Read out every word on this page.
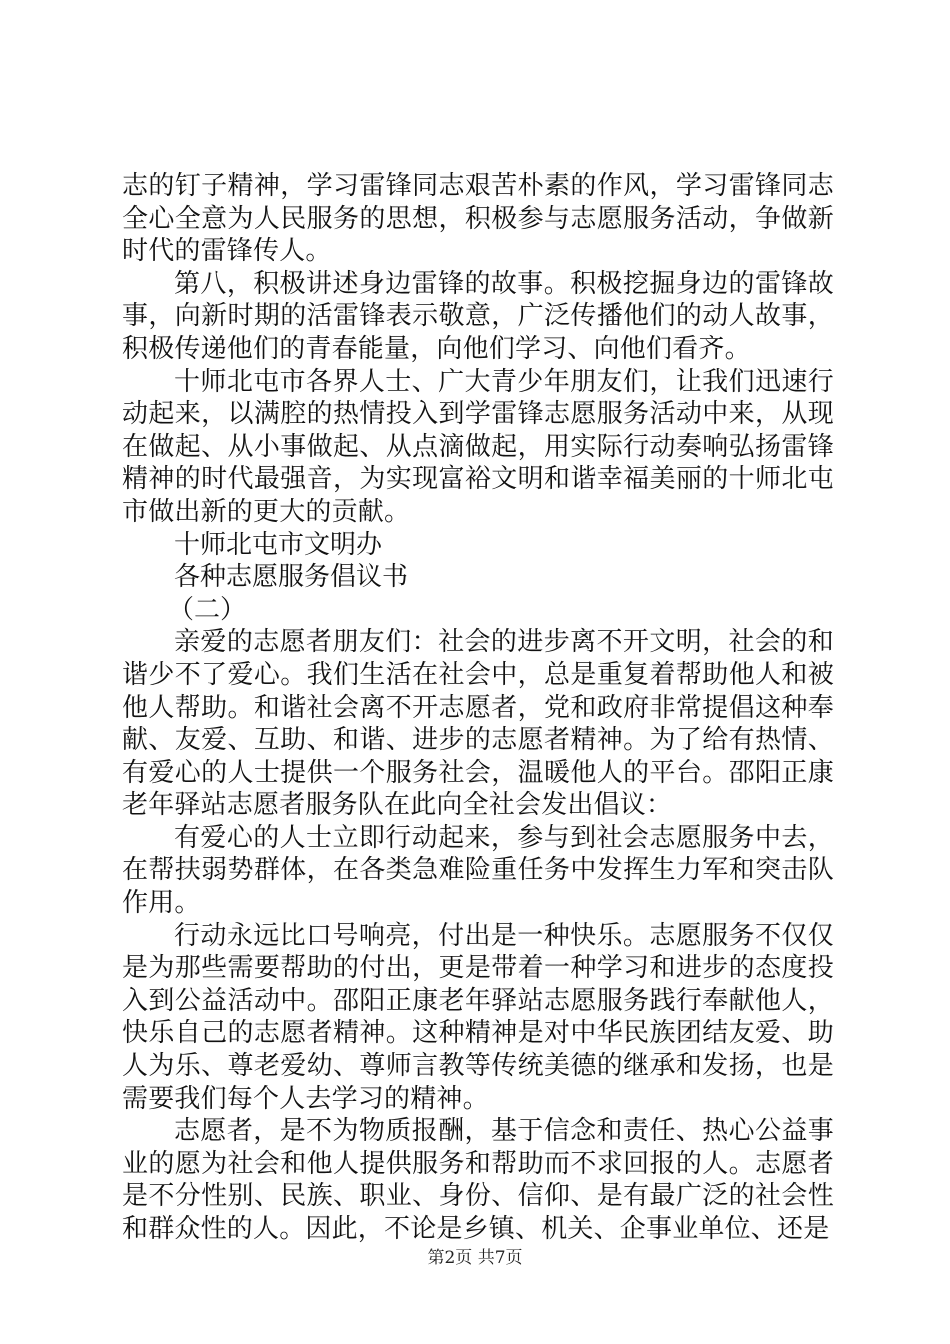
志的钉子精神，学习雷锋同志艰苦朴素的作风，学习雷锋同志全心全意为人民服务的思想，积极参与志愿服务活动，争做新时代的雷锋传人。

第八，积极讲述身边雷锋的故事。积极挖掘身边的雷锋故事，向新时期的活雷锋表示敬意，广泛传播他们的动人故事，积极传递他们的青春能量，向他们学习、向他们看齐。

十师北屯市各界人士、广大青少年朋友们，让我们迅速行动起来，以满腔的热情投入到学雷锋志愿服务活动中来，从现在做起、从小事做起、从点滴做起，用实际行动奏响弘扬雷锋精神的时代最强音，为实现富裕文明和谐幸福美丽的十师北屯市做出新的更大的贡献。

十师北屯市文明办

各种志愿服务倡议书

（二）

亲爱的志愿者朋友们：社会的进步离不开文明，社会的和谐少不了爱心。我们生活在社会中，总是重复着帮助他人和被他人帮助。和谐社会离不开志愿者，党和政府非常提倡这种奉献、友爱、互助、和谐、进步的志愿者精神。为了给有热情、有爱心的人士提供一个服务社会，温暖他人的平台。邵阳正康老年驿站志愿者服务队在此向全社会发出倡议：

有爱心的人士立即行动起来，参与到社会志愿服务中去，在帮扶弱势群体，在各类急难险重任务中发挥生力军和突击队作用。

行动永远比口号响亮，付出是一种快乐。志愿服务不仅仅是为那些需要帮助的付出，更是带着一种学习和进步的态度投入到公益活动中。邵阳正康老年驿站志愿服务践行奉献他人，快乐自己的志愿者精神。这种精神是对中华民族团结友爱、助人为乐、尊老爱幼、尊师言教等传统美德的继承和发扬，也是需要我们每个人去学习的精神。

志愿者，是不为物质报酬，基于信念和责任、热心公益事业的愿为社会和他人提供服务和帮助而不求回报的人。志愿者是不分性别、民族、职业、身份、信仰、是有最广泛的社会性和群众性的人。因此，不论是乡镇、机关、企事业单位、还是

第2页 共7页
